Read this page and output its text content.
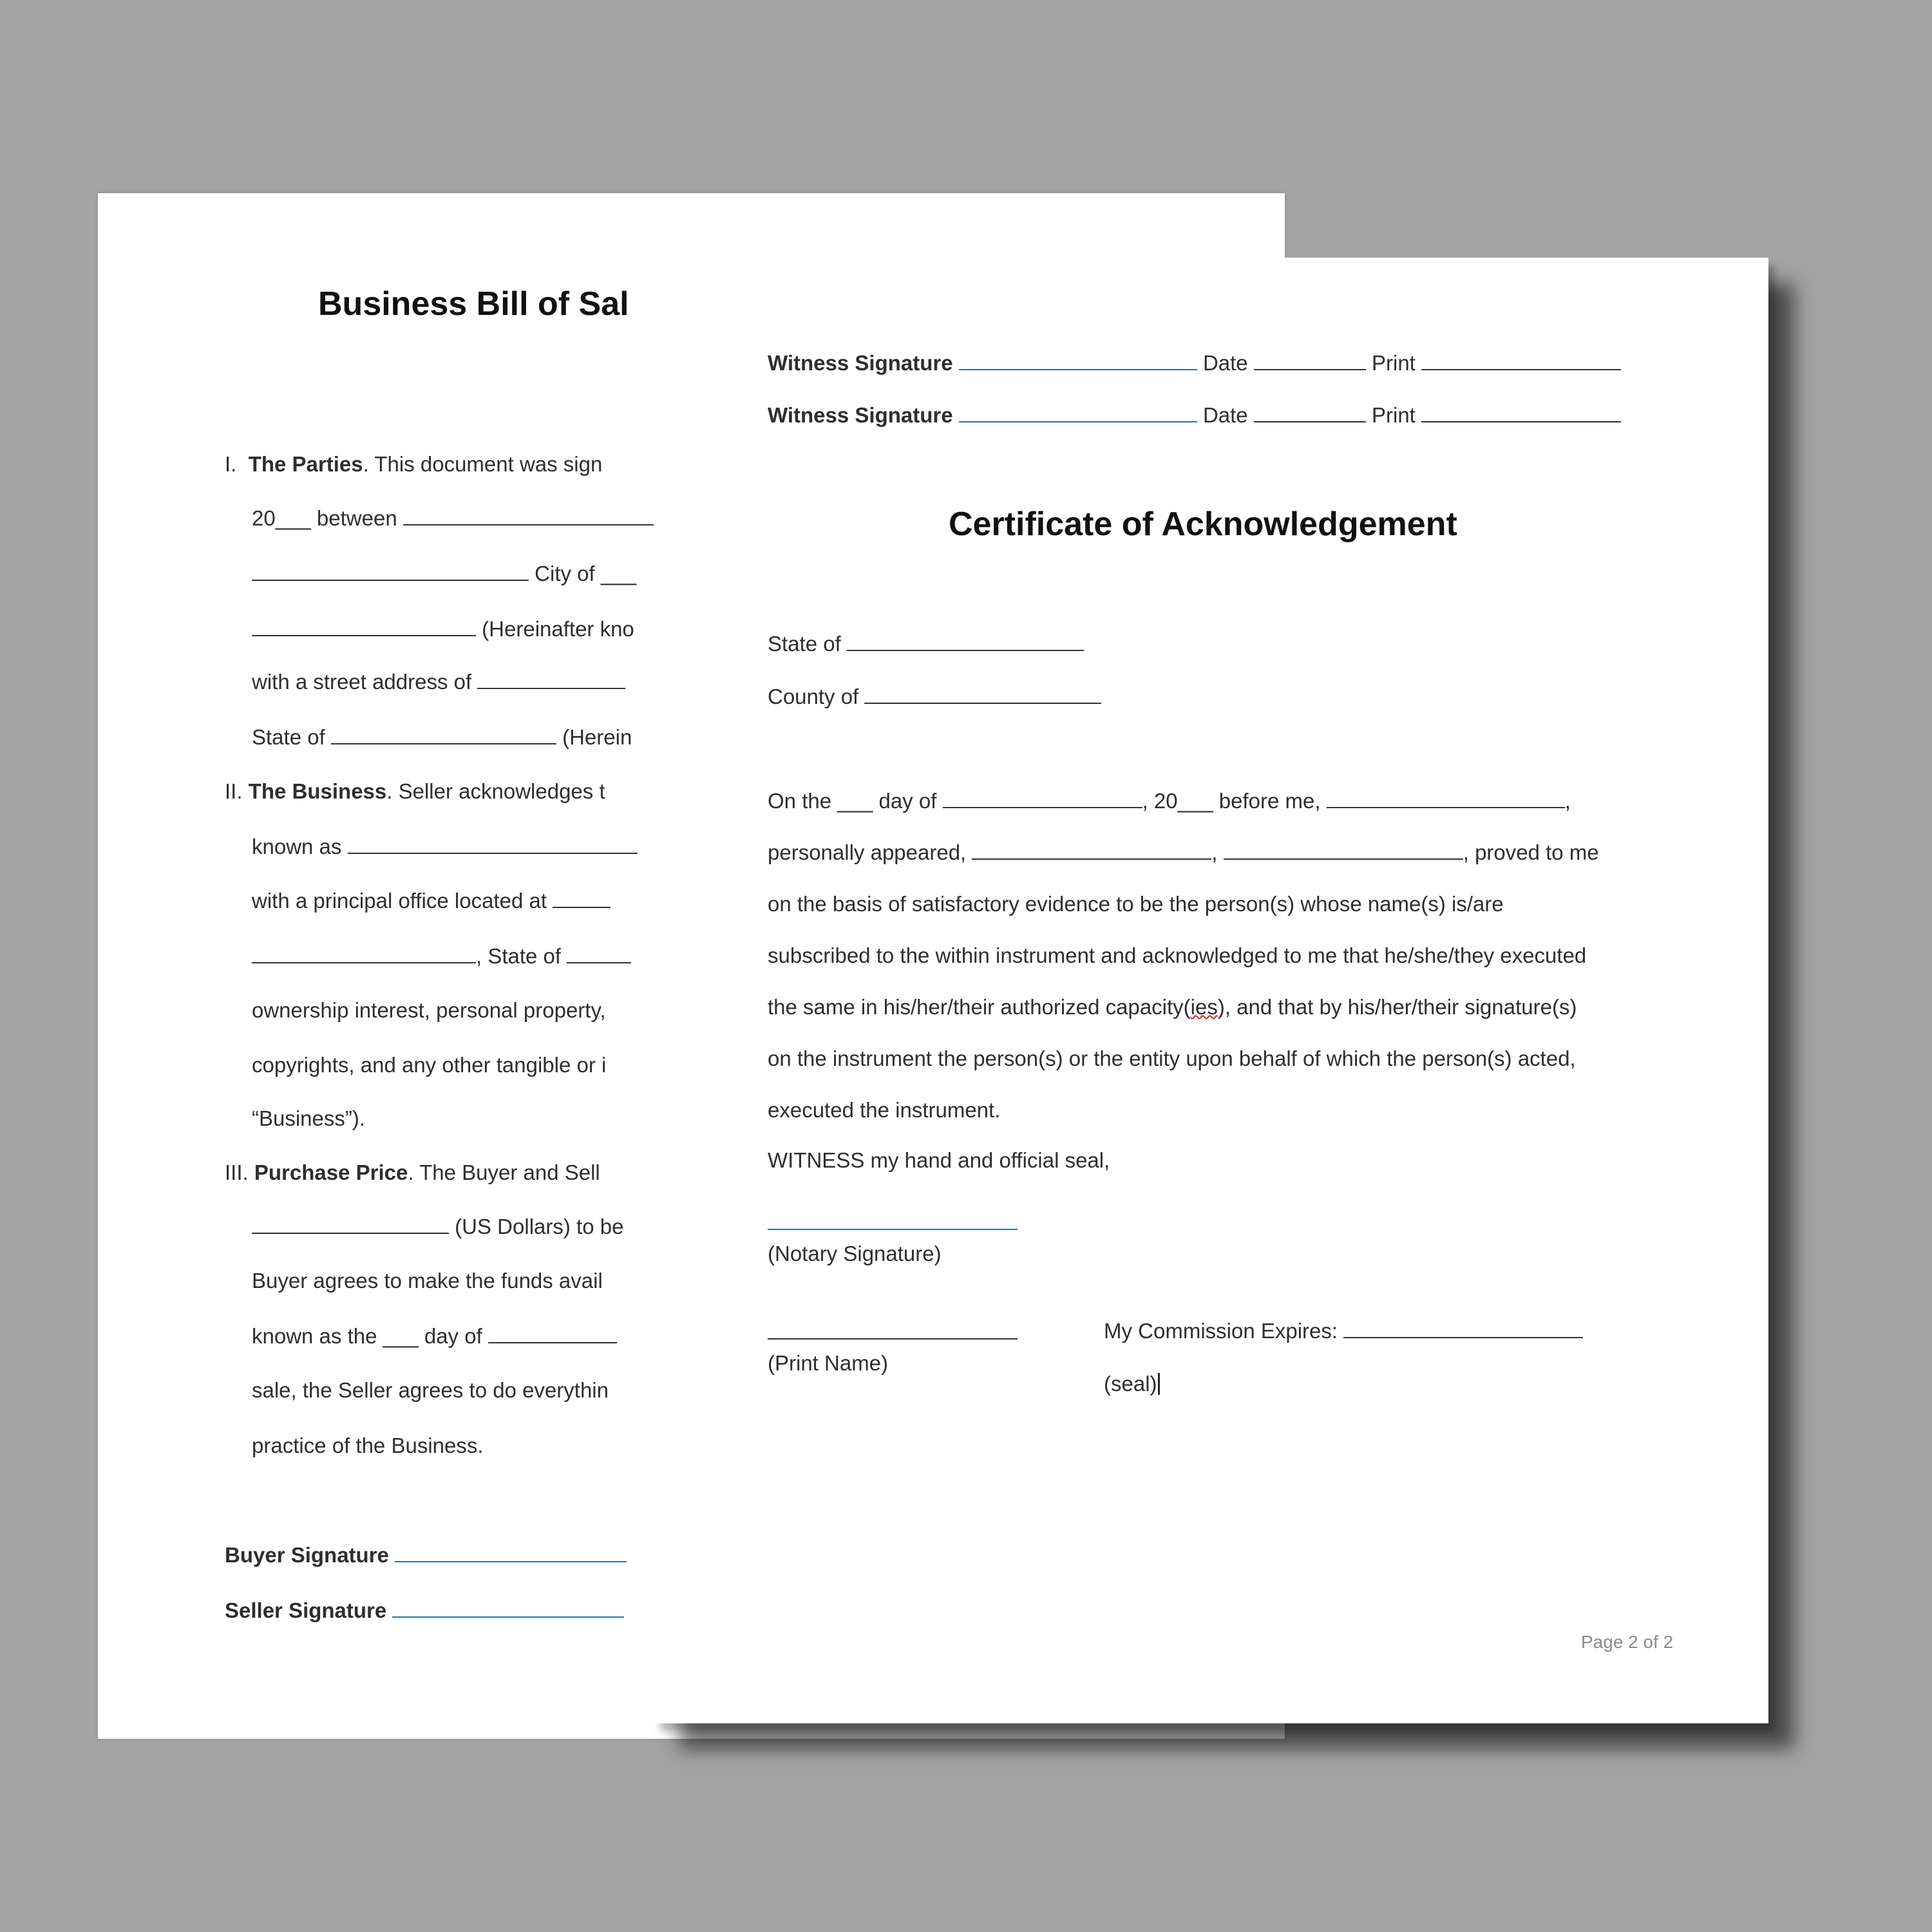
Business Bill of Sal
I. The Parties. This document was sign
20___ between
City of ___
(Hereinafter kno
with a street address of
State of	(Herein
II. The Business. Seller acknowledges t
known as
with a principal office located at
, State of
ownership interest, personal property,
copyrights, and any other tangible or i
“Business”).
III. Purchase Price. The Buyer and Sell
(US Dollars) to be
Buyer agrees to make the funds avail
known as the ___ day of
sale, the Seller agrees to do everythin
practice of the Business.
Buyer Signature
Seller Signature
Witness Signature	Date	Print
Witness Signature	Date	Print
Certificate of Acknowledgement
State of
County of
On the ___ day of	, 20___ before me,	,
personally appeared,	,	, proved to me
on the basis of satisfactory evidence to be the person(s) whose name(s) is/are
subscribed to the within instrument and acknowledged to me that he/she/they executed
the same in his/her/their authorized capacity(ies), and that by his/her/their signature(s)
on the instrument the person(s) or the entity upon behalf of which the person(s) acted,
executed the instrument.
WITNESS my hand and official seal,
(Notary Signature)
(Print Name)
My Commission Expires:
(seal)
Page 2 of 2
